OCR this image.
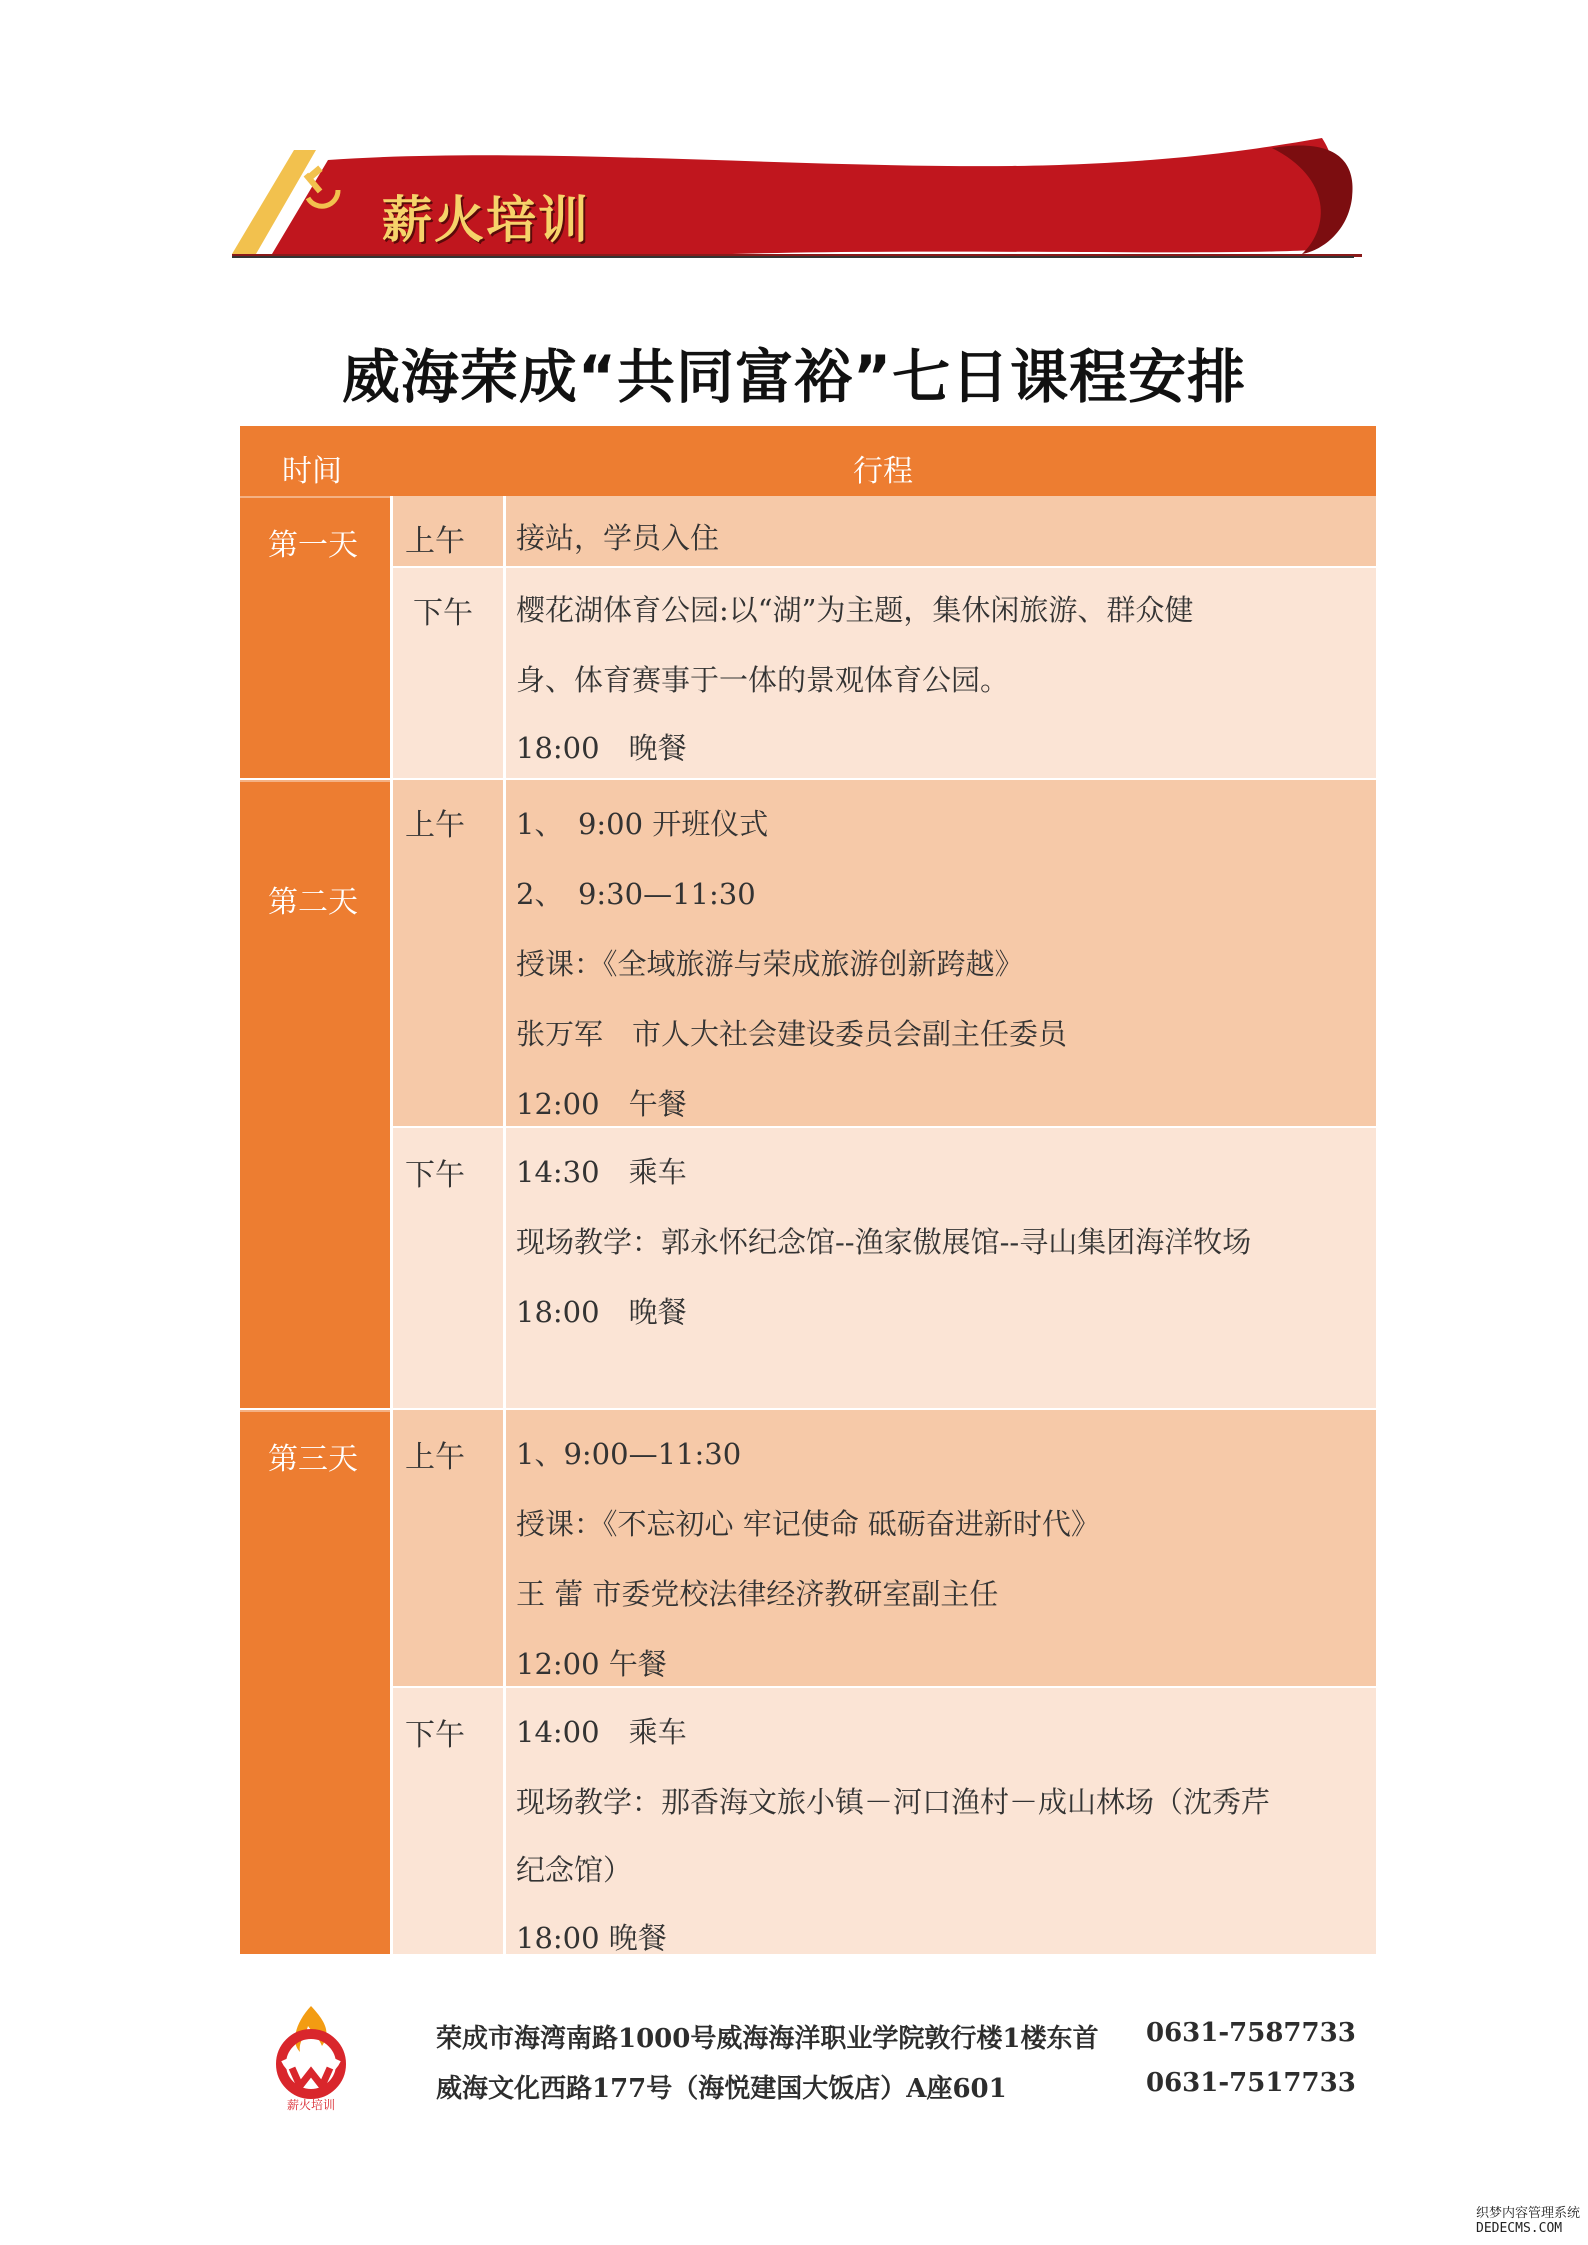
薪火培训
威海荣成“共同富裕”七日课程安排
时间	行程
第一天 上午 接站，学员入住
下午 樱花湖体育公园:以“湖”为主题，集休闲旅游、群众健
身、体育赛事于一体的景观体育公园。
18:00　晚餐
第二天
上午 1、　9:00 开班仪式
2、　9:30—11:30
授课：《全域旅游与荣成旅游创新跨越》
张万军　市人大社会建设委员会副主任委员
12:00　午餐
下午 14:30　乘车
现场教学：郭永怀纪念馆--渔家傲展馆--寻山集团海洋牧场
18:00　晚餐
第三天 上午 1、9:00—11:30
授课：《不忘初心 牢记使命 砥砺奋进新时代》
王 蕾 市委党校法律经济教研室副主任
12:00 午餐
下午 14:00　乘车
现场教学：那香海文旅小镇－河口渔村－成山林场（沈秀芹
纪念馆）
18:00 晚餐
薪火培训
荣成市海湾南路1000号威海海洋职业学院敦行楼1楼东首 0631-7587733
威海文化西路177号（海悦建国大饭店）A座601	0631-7517733
织梦内容管理系统
DEDECMS.COM
